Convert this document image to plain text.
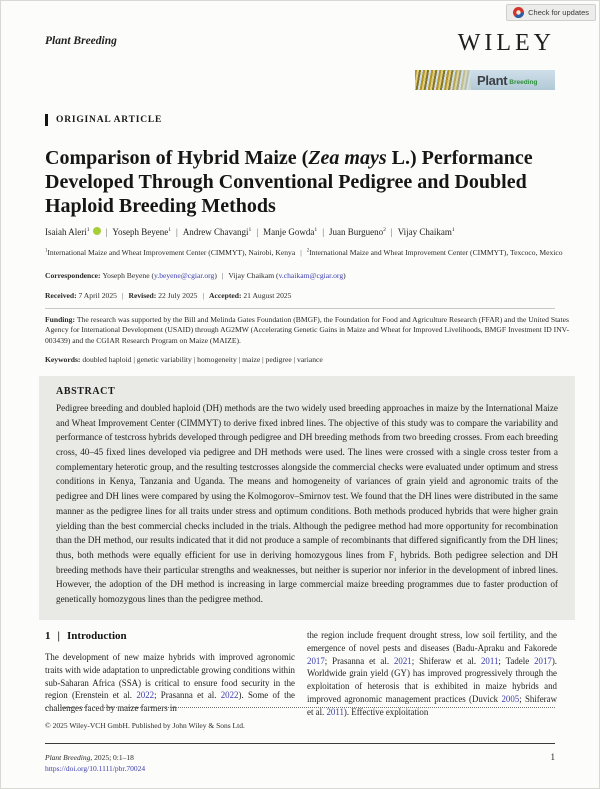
Check for updates
Plant Breeding	WILEY
Plant Breeding
ORIGINAL ARTICLE
Comparison of Hybrid Maize (Zea mays L.) Performance Developed Through Conventional Pedigree and Doubled Haploid Breeding Methods
Isaiah Aleri$^1$ | Yoseph Beyene$^1$ | Andrew Chavangi$^1$ | Manje Gowda$^1$ | Juan Burgueno$^2$ | Vijay Chaikam$^1$
$^1$International Maize and Wheat Improvement Center (CIMMYT), Nairobi, Kenya | $^2$International Maize and Wheat Improvement Center (CIMMYT), Texcoco, Mexico
Correspondence: Yoseph Beyene (y.beyene@cgiar.org) | Vijay Chaikam (v.chaikam@cgiar.org)
Received: 7 April 2025 | Revised: 22 July 2025 | Accepted: 21 August 2025
Funding: The research was supported by the Bill and Melinda Gates Foundation (BMGF), the Foundation for Food and Agriculture Research (FFAR) and the United States Agency for International Development (USAID) through AG2MW (Accelerating Genetic Gains in Maize and Wheat for Improved Livelihoods, BMGF Investment ID INV-003439) and the CGIAR Research Program on Maize (MAIZE).
Keywords: doubled haploid | genetic variability | homogeneity | maize | pedigree | variance
ABSTRACT

Pedigree breeding and doubled haploid (DH) methods are the two widely used breeding approaches in maize by the International Maize and Wheat Improvement Center (CIMMYT) to derive fixed inbred lines. The objective of this study was to compare the variability and performance of testcross hybrids developed through pedigree and DH breeding methods from two breeding crosses. From each breeding cross, 40–45 fixed lines developed via pedigree and DH methods were used. The lines were crossed with a single cross tester from a complementary heterotic group, and the resulting testcrosses alongside the commercial checks were evaluated under optimum and stress conditions in Kenya, Tanzania and Uganda. The means and homogeneity of variances of grain yield and agronomic traits of the pedigree and DH lines were compared by using the Kolmogorov–Smirnov test. We found that the DH lines were distributed in the same manner as the pedigree lines for all traits under stress and optimum conditions. Both methods produced hybrids that were higher grain yielding than the best commercial checks included in the trials. Although the pedigree method had more opportunity for recombination than the DH method, our results indicated that it did not produce a sample of recombinants that differed significantly from the DH lines; thus, both methods were equally efficient for use in deriving homozygous lines from $F_1$ hybrids. Both pedigree selection and DH breeding methods have their particular strengths and weaknesses, but neither is superior nor inferior in the development of inbred lines. However, the adoption of the DH method is increasing in large commercial maize breeding programmes due to faster production of genetically homozygous lines than the pedigree method.

1 | Introduction

The development of new maize hybrids with improved agronomic traits with wide adaptation to unpredictable growing conditions within sub-Saharan Africa (SSA) is critical to ensure food security in the region (Erenstein et al. 2022; Prasanna et al. 2022). Some of the challenges faced by maize farmers in

the region include frequent drought stress, low soil fertility, and the emergence of novel pests and diseases (Badu-Apraku and Fakorede 2017; Prasanna et al. 2021; Shiferaw et al. 2011; Tadele 2017). Worldwide grain yield (GY) has improved progressively through the exploitation of heterosis that is exhibited in maize hybrids and improved agronomic management practices (Duvick 2005; Shiferaw et al. 2011). Effective exploitation

© 2025 Wiley-VCH GmbH. Published by John Wiley & Sons Ltd.
Plant Breeding, 2025; 0:1–18
https://doi.org/10.1111/pbr.70024
1
